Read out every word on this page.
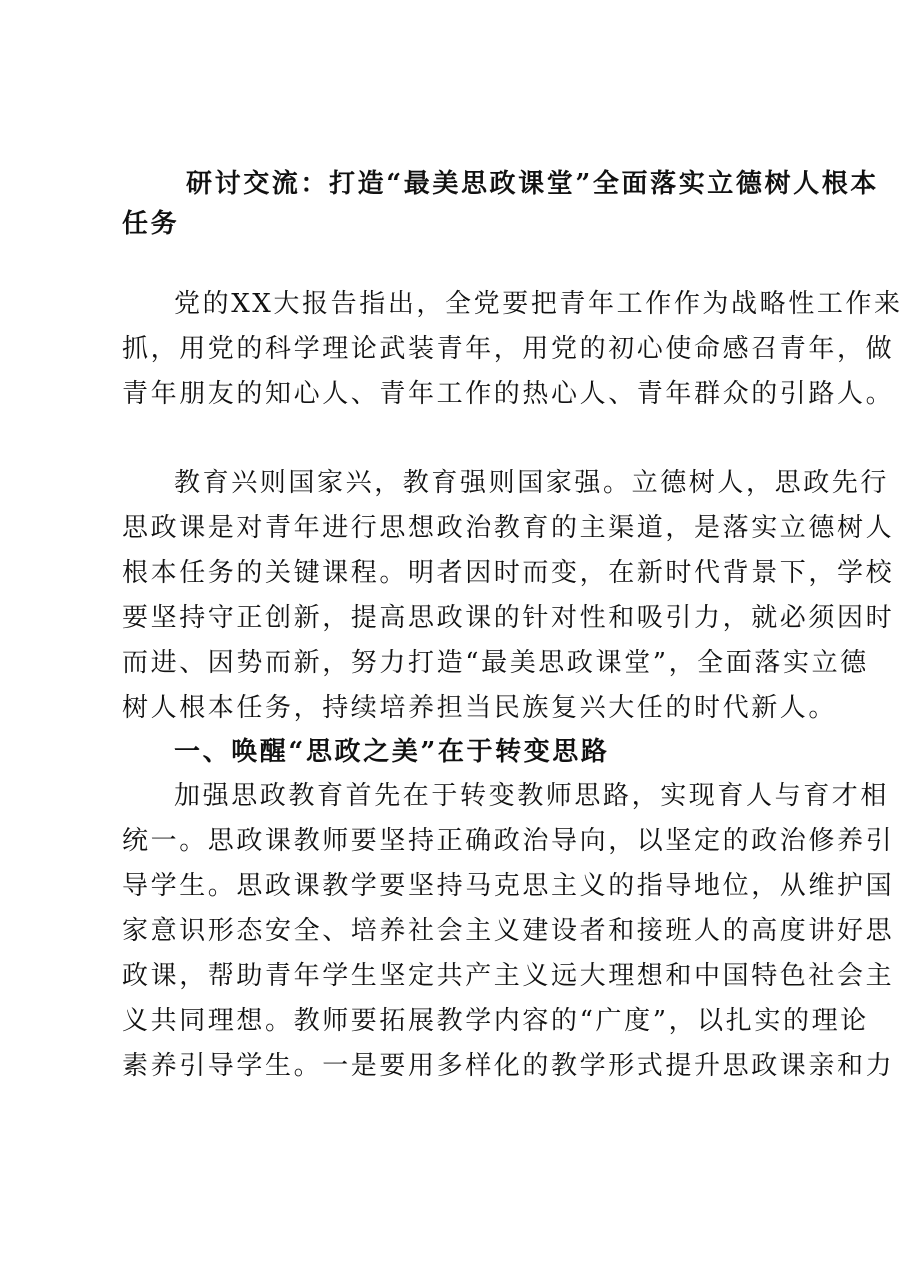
研讨交流：打造“最美思政课堂”全面落实立德树人根本
任务

党的XX大报告指出，全党要把青年工作作为战略性工作来
抓，用党的科学理论武装青年，用党的初心使命感召青年，做
青年朋友的知心人、青年工作的热心人、青年群众的引路人。

教育兴则国家兴，教育强则国家强。立德树人，思政先行
思政课是对青年进行思想政治教育的主渠道，是落实立德树人
根本任务的关键课程。明者因时而变，在新时代背景下，学校
要坚持守正创新，提高思政课的针对性和吸引力，就必须因时
而进、因势而新，努力打造“最美思政课堂”，全面落实立德
树人根本任务，持续培养担当民族复兴大任的时代新人。

一、唤醒“思政之美”在于转变思路

加强思政教育首先在于转变教师思路，实现育人与育才相
统一。思政课教师要坚持正确政治导向，以坚定的政治修养引
导学生。思政课教学要坚持马克思主义的指导地位，从维护国
家意识形态安全、培养社会主义建设者和接班人的高度讲好思
政课，帮助青年学生坚定共产主义远大理想和中国特色社会主
义共同理想。教师要拓展教学内容的“广度”，以扎实的理论
素养引导学生。一是要用多样化的教学形式提升思政课亲和力
